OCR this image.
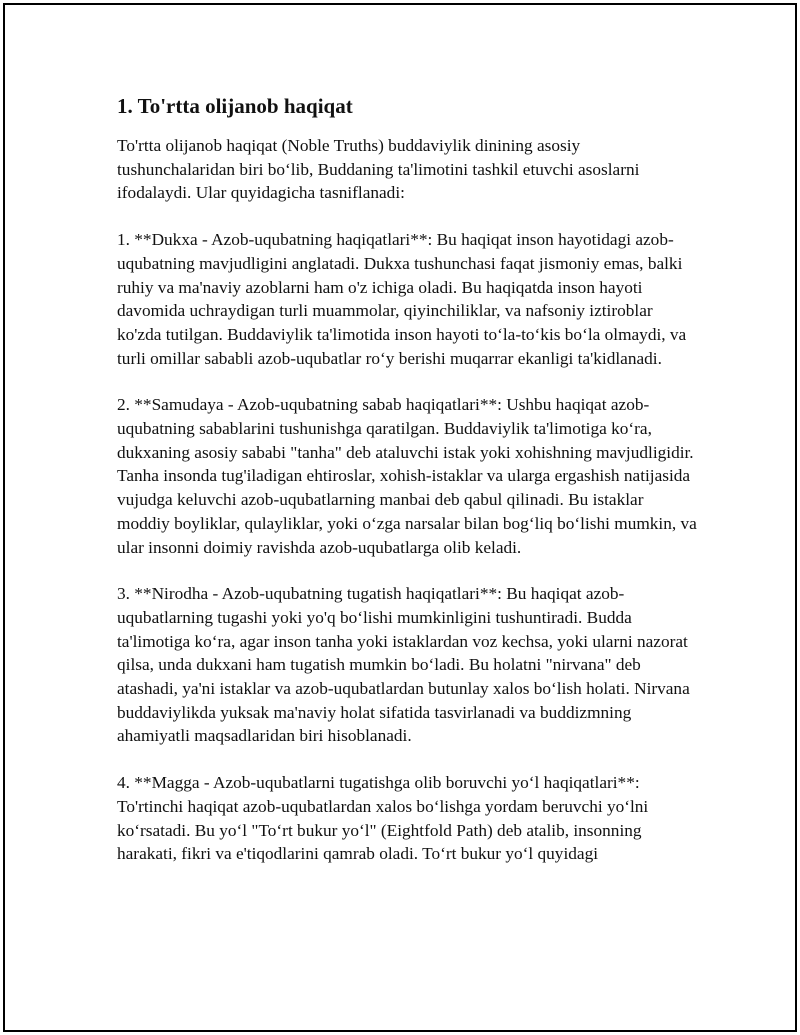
1. To'rtta olijanob haqiqat

To'rtta olijanob haqiqat (Noble Truths) buddaviylik dinining asosiy tushunchalaridan biri bo‘lib, Buddaning ta'limotini tashkil etuvchi asoslarni ifodalaydi. Ular quyidagicha tasniflanadi:

1. **Dukxa - Azob-uqubatning haqiqatlari**: Bu haqiqat inson hayotidagi azob-uqubatning mavjudligini anglatadi. Dukxa tushunchasi faqat jismoniy emas, balki ruhiy va ma'naviy azoblarni ham o'z ichiga oladi. Bu haqiqatda inson hayoti davomida uchraydigan turli muammolar, qiyinchiliklar, va nafsoniy iztiroblar ko'zda tutilgan. Buddaviylik ta'limotida inson hayoti to‘la-to‘kis bo‘la olmaydi, va turli omillar sababli azob-uqubatlar ro‘y berishi muqarrar ekanligi ta'kidlanadi.

2. **Samudaya - Azob-uqubatning sabab haqiqatlari**: Ushbu haqiqat azob-uqubatning sabablarini tushunishga qaratilgan. Buddaviylik ta'limotiga ko‘ra, dukxaning asosiy sababi "tanha" deb ataluvchi istak yoki xohishning mavjudligidir. Tanha insonda tug'iladigan ehtiroslar, xohish-istaklar va ularga ergashish natijasida vujudga keluvchi azob-uqubatlarning manbai deb qabul qilinadi. Bu istaklar moddiy boyliklar, qulayliklar, yoki o‘zga narsalar bilan bog‘liq bo‘lishi mumkin, va ular insonni doimiy ravishda azob-uqubatlarga olib keladi.

3. **Nirodha - Azob-uqubatning tugatish haqiqatlari**: Bu haqiqat azob-uqubatlarning tugashi yoki yo'q bo‘lishi mumkinligini tushuntiradi. Budda ta'limotiga ko‘ra, agar inson tanha yoki istaklardan voz kechsa, yoki ularni nazorat qilsa, unda dukxani ham tugatish mumkin bo‘ladi. Bu holatni "nirvana" deb atashadi, ya'ni istaklar va azob-uqubatlardan butunlay xalos bo‘lish holati. Nirvana buddaviylikda yuksak ma'naviy holat sifatida tasvirlanadi va buddizmning ahamiyatli maqsadlaridan biri hisoblanadi.

4. **Magga - Azob-uqubatlarni tugatishga olib boruvchi yo‘l haqiqatlari**: To'rtinchi haqiqat azob-uqubatlardan xalos bo‘lishga yordam beruvchi yo‘lni ko‘rsatadi. Bu yo‘l "To‘rt bukur yo‘l" (Eightfold Path) deb atalib, insonning harakati, fikri va e'tiqodlarini qamrab oladi. To‘rt bukur yo‘l quyidagi
